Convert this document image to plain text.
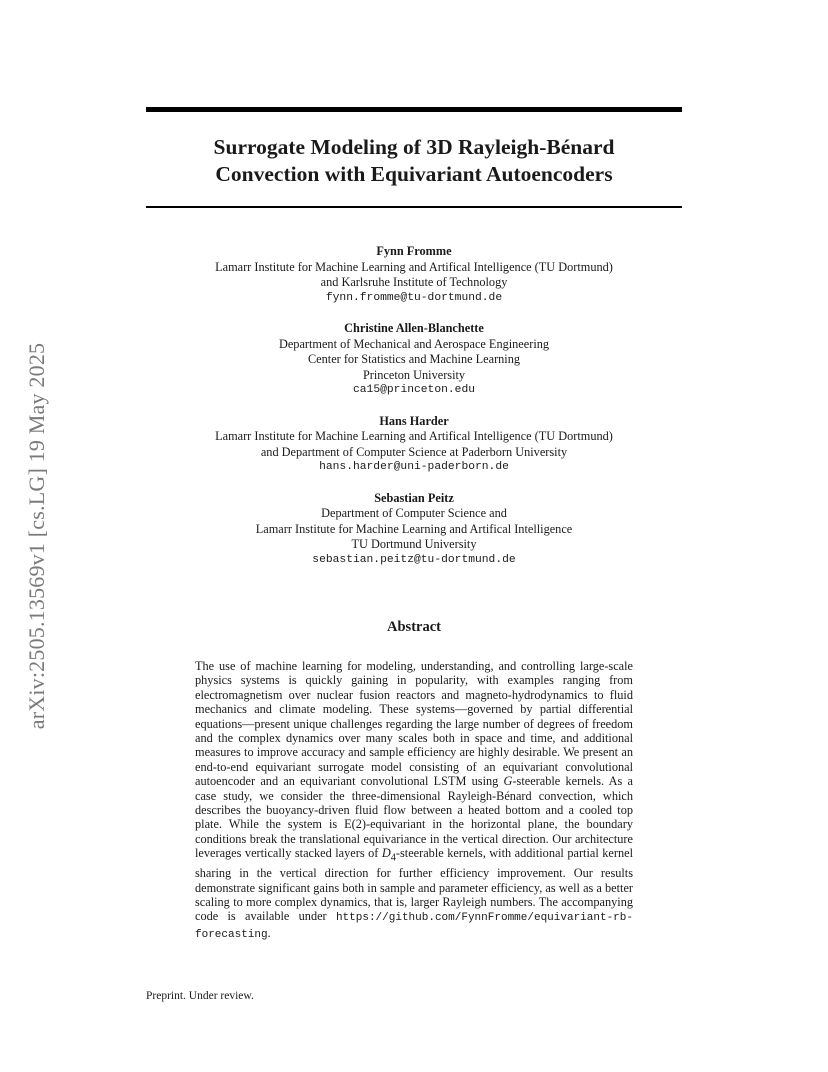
arXiv:2505.13569v1 [cs.LG] 19 May 2025
Surrogate Modeling of 3D Rayleigh-Bénard
Convection with Equivariant Autoencoders
Fynn Fromme
Lamarr Institute for Machine Learning and Artifical Intelligence (TU Dortmund)
and Karlsruhe Institute of Technology
fynn.fromme@tu-dortmund.de
Christine Allen-Blanchette
Department of Mechanical and Aerospace Engineering
Center for Statistics and Machine Learning
Princeton University
ca15@princeton.edu
Hans Harder
Lamarr Institute for Machine Learning and Artifical Intelligence (TU Dortmund)
and Department of Computer Science at Paderborn University
hans.harder@uni-paderborn.de
Sebastian Peitz
Department of Computer Science and
Lamarr Institute for Machine Learning and Artifical Intelligence
TU Dortmund University
sebastian.peitz@tu-dortmund.de
Abstract

The use of machine learning for modeling, understanding, and controlling large-scale physics systems is quickly gaining in popularity, with examples ranging from electromagnetism over nuclear fusion reactors and magneto-hydrodynamics to fluid mechanics and climate modeling. These systems—governed by partial differential equations—present unique challenges regarding the large number of degrees of freedom and the complex dynamics over many scales both in space and time, and additional measures to improve accuracy and sample efficiency are highly desirable. We present an end-to-end equivariant surrogate model consisting of an equivariant convolutional autoencoder and an equivariant convolutional LSTM using G-steerable kernels. As a case study, we consider the three-dimensional Rayleigh-Bénard convection, which describes the buoyancy-driven fluid flow between a heated bottom and a cooled top plate. While the system is E(2)-equivariant in the horizontal plane, the boundary conditions break the translational equivariance in the vertical direction. Our architecture leverages vertically stacked layers of $D_4$-steerable kernels, with additional partial kernel sharing in the vertical direction for further efficiency improvement. Our results demonstrate significant gains both in sample and parameter efficiency, as well as a better scaling to more complex dynamics, that is, larger Rayleigh numbers. The accompanying code is available under https://github.com/FynnFromme/equivariant-rb-forecasting.

Preprint. Under review.
